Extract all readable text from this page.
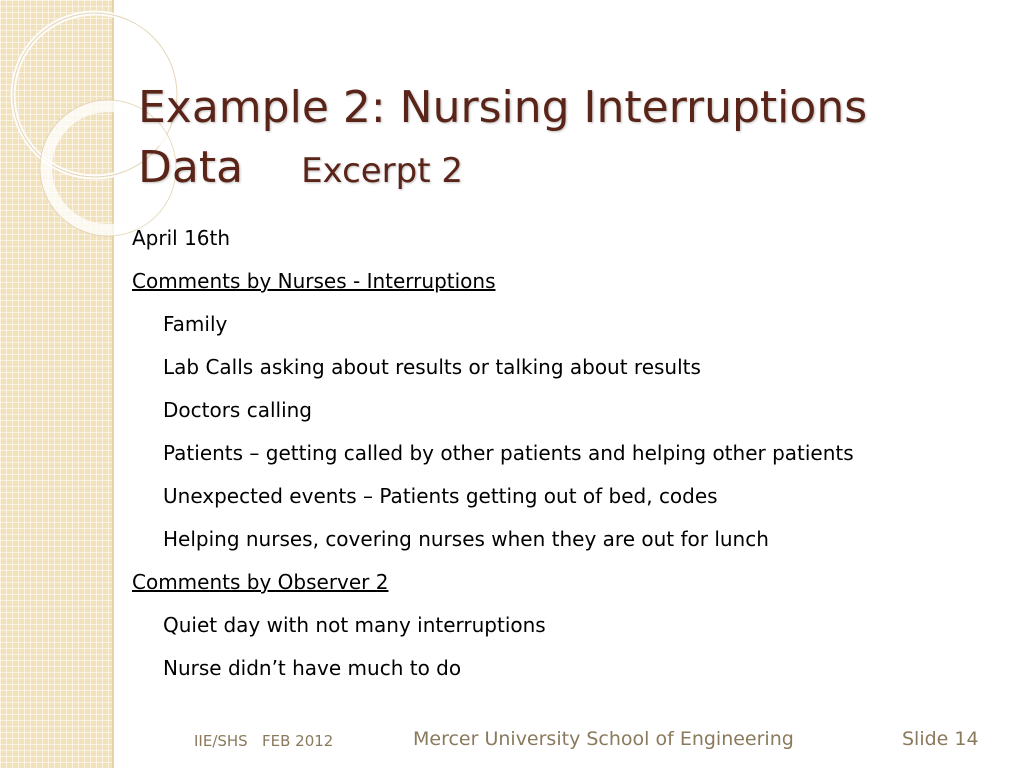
Example 2: Nursing Interruptions Data Excerpt 2
April 16th
Comments by Nurses - Interruptions
Family
Lab Calls asking about results or talking about results
Doctors calling
Patients – getting called by other patients and helping other patients
Unexpected events – Patients getting out of bed, codes
Helping nurses, covering nurses when they are out for lunch
Comments by Observer 2
Quiet day with not many interruptions
Nurse didn’t have much to do
IIE/SHS   FEB 2012	Mercer University School of Engineering	Slide 14
